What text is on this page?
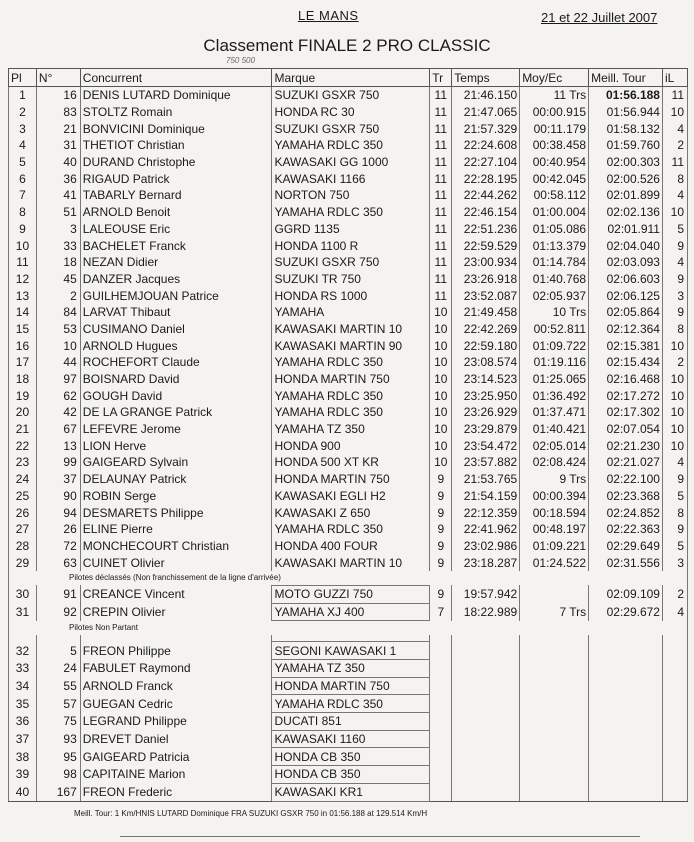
LE MANS	21 et 22 Juillet 2007
Classement FINALE 2 PRO CLASSIC
750 500
Pl	N°	Concurrent	Marque	Tr	Temps	Moy/Ec	Meill. Tour	iL
1	16	DENIS LUTARD Dominique	SUZUKI GSXR 750	11	21:46.150	11 Trs	01:56.188	11
2	83	STOLTZ Romain	HONDA RC 30	11	21:47.065	00:00.915	01:56.944	10
3	21	BONVICINI Dominique	SUZUKI GSXR 750	11	21:57.329	00:11.179	01:58.132	4
4	31	THETIOT Christian	YAMAHA RDLC 350	11	22:24.608	00:38.458	01:59.760	2
5	40	DURAND Christophe	KAWASAKI GG 1000	11	22:27.104	00:40.954	02:00.303	11
6	36	RIGAUD Patrick	KAWASAKI 1166	11	22:28.195	00:42.045	02:00.526	8
7	41	TABARLY Bernard	NORTON 750	11	22:44.262	00:58.112	02:01.899	4
8	51	ARNOLD Benoit	YAMAHA RDLC 350	11	22:46.154	01:00.004	02:02.136	10
9	3	LALEOUSE Eric	GGRD 1135	11	22:51.236	01:05.086	02:01.911	5
10	33	BACHELET Franck	HONDA 1100 R	11	22:59.529	01:13.379	02:04.040	9
11	18	NEZAN Didier	SUZUKI GSXR 750	11	23:00.934	01:14.784	02:03.093	4
12	45	DANZER Jacques	SUZUKI TR 750	11	23:26.918	01:40.768	02:06.603	9
13	2	GUILHEMJOUAN Patrice	HONDA RS 1000	11	23:52.087	02:05.937	02:06.125	3
14	84	LARVAT Thibaut	YAMAHA	10	21:49.458	10 Trs	02:05.864	9
15	53	CUSIMANO Daniel	KAWASAKI MARTIN 10	10	22:42.269	00:52.811	02:12.364	8
16	10	ARNOLD Hugues	KAWASAKI MARTIN 90	10	22:59.180	01:09.722	02:15.381	10
17	44	ROCHEFORT Claude	YAMAHA RDLC 350	10	23:08.574	01:19.116	02:15.434	2
18	97	BOISNARD David	HONDA MARTIN 750	10	23:14.523	01:25.065	02:16.468	10
19	62	GOUGH David	YAMAHA RDLC 350	10	23:25.950	01:36.492	02:17.272	10
20	42	DE LA GRANGE Patrick	YAMAHA RDLC 350	10	23:26.929	01:37.471	02:17.302	10
21	67	LEFEVRE Jerome	YAMAHA TZ 350	10	23:29.879	01:40.421	02:07.054	10
22	13	LION Herve	HONDA 900	10	23:54.472	02:05.014	02:21.230	10
23	99	GAIGEARD Sylvain	HONDA 500 XT KR	10	23:57.882	02:08.424	02:21.027	4
24	37	DELAUNAY Patrick	HONDA MARTIN 750	9	21:53.765	9 Trs	02:22.100	9
25	90	ROBIN Serge	KAWASAKI EGLI H2	9	21:54.159	00:00.394	02:23.368	5
26	94	DESMARETS Philippe	KAWASAKI Z 650	9	22:12.359	00:18.594	02:24.852	8
27	26	ELINE Pierre	YAMAHA RDLC 350	9	22:41.962	00:48.197	02:22.363	9
28	72	MONCHECOURT Christian	HONDA 400 FOUR	9	23:02.986	01:09.221	02:29.649	5
29	63	CUINET Olivier	KAWASAKI MARTIN 10	9	23:18.287	01:24.522	02:31.556	3
Pilotes déclassés (Non franchissement de la ligne d'arrivée)								
30	91	CREANCE Vincent	MOTO GUZZI 750	9	19:57.942		02:09.109	2
31	92	CREPIN Olivier	YAMAHA XJ 400	7	18:22.989	7 Trs	02:29.672	4
Pilotes Non Partant								

32	5	FREON Philippe	SEGONI KAWASAKI 1					
33	24	FABULET Raymond	YAMAHA TZ 350					
34	55	ARNOLD Franck	HONDA MARTIN 750					
35	57	GUEGAN Cedric	YAMAHA RDLC 350					
36	75	LEGRAND Philippe	DUCATI 851					
37	93	DREVET Daniel	KAWASAKI 1160					
38	95	GAIGEARD Patricia	HONDA CB 350					
39	98	CAPITAINE Marion	HONDA CB 350					
40	167	FREON Frederic	KAWASAKI KR1					
Meill. Tour: 1 Km/HNIS LUTARD Dominique FRA SUZUKI GSXR 750 in 01:56.188 at 129.514 Km/H
